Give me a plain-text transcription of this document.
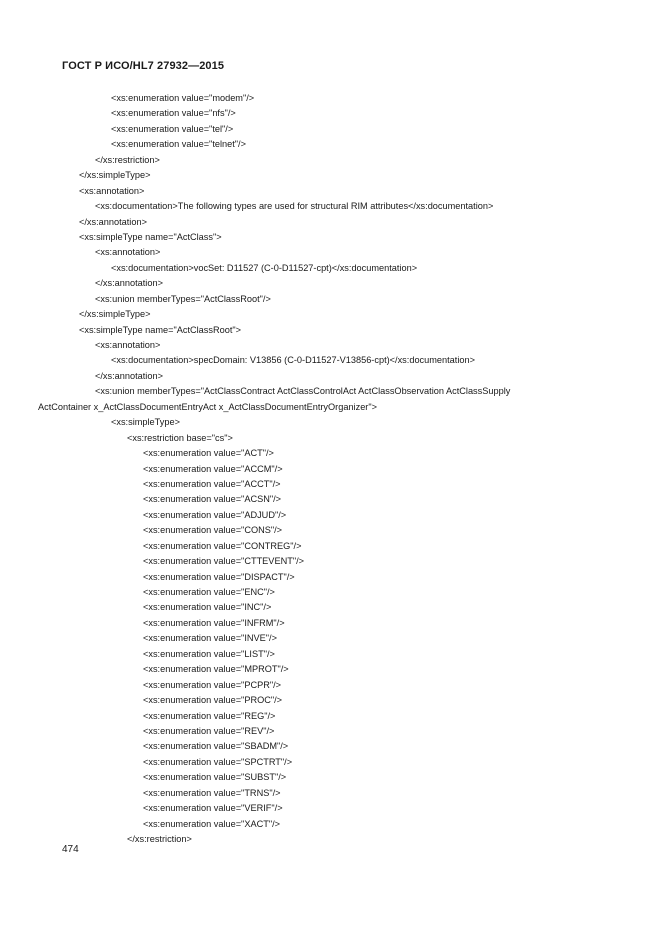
ГОСТ Р ИСО/HL7 27932—2015
<xs:enumeration value="modem"/>
<xs:enumeration value="nfs"/>
<xs:enumeration value="tel"/>
<xs:enumeration value="telnet"/>
</xs:restriction>
</xs:simpleType>
<xs:annotation>
<xs:documentation>The following types are used for structural RIM attributes</xs:documentation>
</xs:annotation>
<xs:simpleType name="ActClass">
<xs:annotation>
<xs:documentation>vocSet: D11527 (C-0-D11527-cpt)</xs:documentation>
</xs:annotation>
<xs:union memberTypes="ActClassRoot"/>
</xs:simpleType>
<xs:simpleType name="ActClassRoot">
<xs:annotation>
<xs:documentation>specDomain: V13856 (C-0-D11527-V13856-cpt)</xs:documentation>
</xs:annotation>
<xs:union memberTypes="ActClassContract ActClassControlAct ActClassObservation ActClassSupply
ActContainer x_ActClassDocumentEntryAct x_ActClassDocumentEntryOrganizer">
<xs:simpleType>
<xs:restriction base="cs">
<xs:enumeration value="ACT"/>
<xs:enumeration value="ACCM"/>
<xs:enumeration value="ACCT"/>
<xs:enumeration value="ACSN"/>
<xs:enumeration value="ADJUD"/>
<xs:enumeration value="CONS"/>
<xs:enumeration value="CONTREG"/>
<xs:enumeration value="CTTEVENT"/>
<xs:enumeration value="DISPACT"/>
<xs:enumeration value="ENC"/>
<xs:enumeration value="INC"/>
<xs:enumeration value="INFRM"/>
<xs:enumeration value="INVE"/>
<xs:enumeration value="LIST"/>
<xs:enumeration value="MPROT"/>
<xs:enumeration value="PCPR"/>
<xs:enumeration value="PROC"/>
<xs:enumeration value="REG"/>
<xs:enumeration value="REV"/>
<xs:enumeration value="SBADM"/>
<xs:enumeration value="SPCTRT"/>
<xs:enumeration value="SUBST"/>
<xs:enumeration value="TRNS"/>
<xs:enumeration value="VERIF"/>
<xs:enumeration value="XACT"/>
</xs:restriction>
474
